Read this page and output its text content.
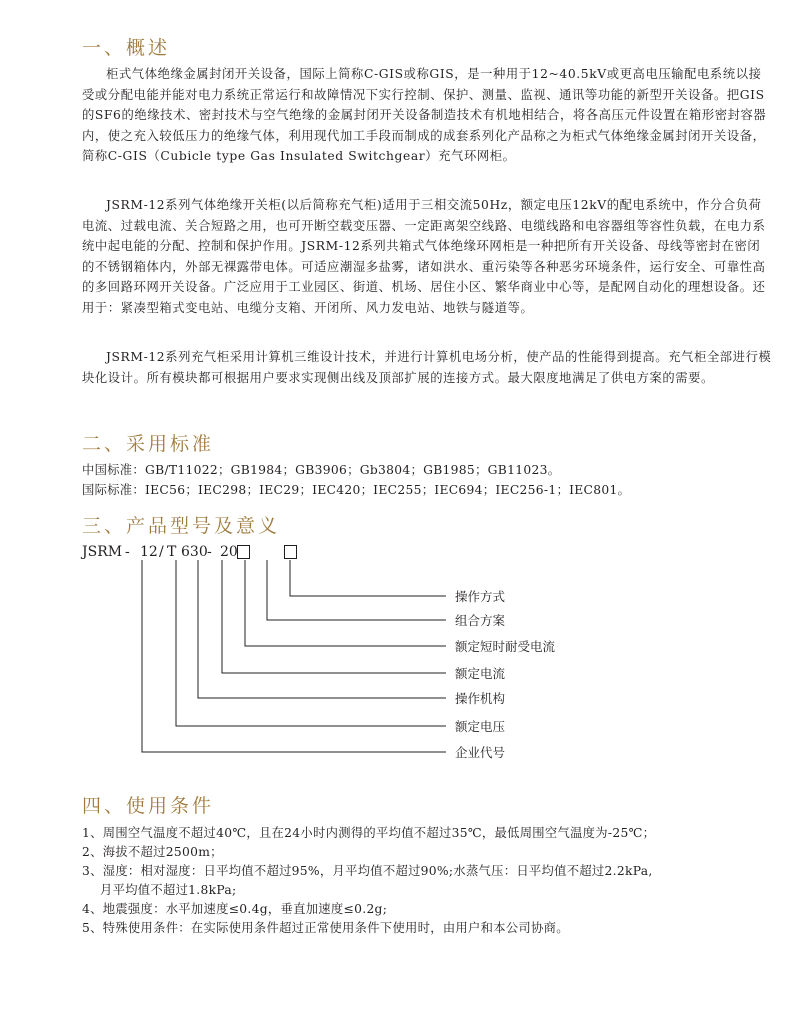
一、概述

柜式气体绝缘金属封闭开关设备，国际上简称C-GIS或称GIS，是一种用于12~40.5kV或更高电压输配电系统以接受或分配电能并能对电力系统正常运行和故障情况下实行控制、保护、测量、监视、通讯等功能的新型开关设备。把GIS的SF6的绝缘技术、密封技术与空气绝缘的金属封闭开关设备制造技术有机地相结合，将各高压元件设置在箱形密封容器内，使之充入较低压力的绝缘气体，利用现代加工手段而制成的成套系列化产品称之为柜式气体绝缘金属封闭开关设备，简称C-GIS（Cubicle type Gas Insulated Switchgear）充气环网柜。

JSRM-12系列气体绝缘开关柜(以后简称充气柜)适用于三相交流50Hz，额定电压12kV的配电系统中，作分合负荷电流、过载电流、关合短路之用，也可开断空载变压器、一定距离架空线路、电缆线路和电容器组等容性负载，在电力系统中起电能的分配、控制和保护作用。JSRM-12系列共箱式气体绝缘环网柜是一种把所有开关设备、母线等密封在密闭的不锈钢箱体内，外部无裸露带电体。可适应潮湿多盐雾，诸如洪水、重污染等各种恶劣环境条件，运行安全、可靠性高的多回路环网开关设备。广泛应用于工业园区、街道、机场、居住小区、繁华商业中心等，是配网自动化的理想设备。还用于：紧凑型箱式变电站、电缆分支箱、开闭所、风力发电站、地铁与隧道等。

JSRM-12系列充气柜采用计算机三维设计技术，并进行计算机电场分析，使产品的性能得到提高。充气柜全部进行模块化设计。所有模块都可根据用户要求实现侧出线及顶部扩展的连接方式。最大限度地满足了供电方案的需要。

二、采用标准
中国标准：GB/T11022；GB1984；GB3906；Gb3804；GB1985；GB11023。
国际标准：IEC56；IEC298；IEC29；IEC420；IEC255；IEC694；IEC256-1；IEC801。
三、产品型号及意义
JSRM - 12 / T 630 - 20
操作方式
组合方案
额定短时耐受电流
额定电流
操作机构
额定电压
企业代号
四、使用条件
1、周围空气温度不超过40℃，且在24小时内测得的平均值不超过35℃，最低周围空气温度为-25℃；
2、海拔不超过2500m；
3、湿度：相对湿度：日平均值不超过95%，月平均值不超过90%;水蒸气压：日平均值不超过2.2kPa,
月平均值不超过1.8kPa;
4、地震强度：水平加速度≤0.4g，垂直加速度≤0.2g;
5、特殊使用条件：在实际使用条件超过正常使用条件下使用时，由用户和本公司协商。
